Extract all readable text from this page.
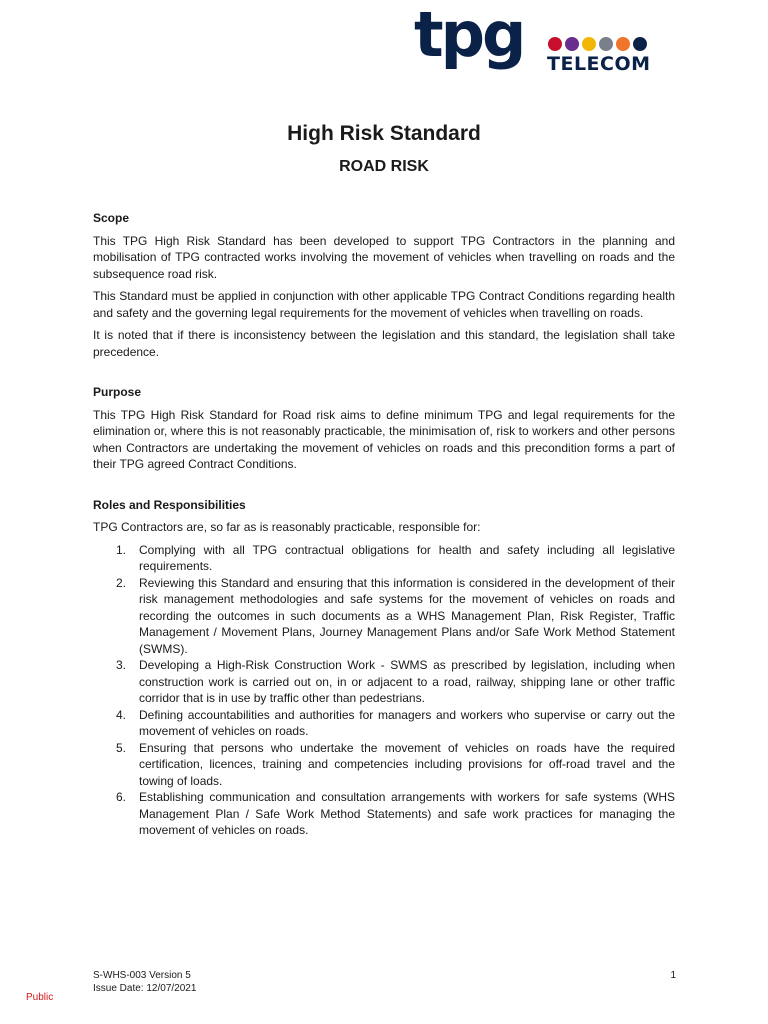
tpg TELECOM
High Risk Standard
ROAD RISK
Scope

This TPG High Risk Standard has been developed to support TPG Contractors in the planning and mobilisation of TPG contracted works involving the movement of vehicles when travelling on roads and the subsequence road risk.

This Standard must be applied in conjunction with other applicable TPG Contract Conditions regarding health and safety and the governing legal requirements for the movement of vehicles when travelling on roads.

It is noted that if there is inconsistency between the legislation and this standard, the legislation shall take precedence.

Purpose

This TPG High Risk Standard for Road risk aims to define minimum TPG and legal requirements for the elimination or, where this is not reasonably practicable, the minimisation of, risk to workers and other persons when Contractors are undertaking the movement of vehicles on roads and this precondition forms a part of their TPG agreed Contract Conditions.

Roles and Responsibilities

TPG Contractors are, so far as is reasonably practicable, responsible for:

1. Complying with all TPG contractual obligations for health and safety including all legislative requirements.
2. Reviewing this Standard and ensuring that this information is considered in the development of their risk management methodologies and safe systems for the movement of vehicles on roads and recording the outcomes in such documents as a WHS Management Plan, Risk Register, Traffic Management / Movement Plans, Journey Management Plans and/or Safe Work Method Statement (SWMS).
3. Developing a High-Risk Construction Work - SWMS as prescribed by legislation, including when construction work is carried out on, in or adjacent to a road, railway, shipping lane or other traffic corridor that is in use by traffic other than pedestrians.
4. Defining accountabilities and authorities for managers and workers who supervise or carry out the movement of vehicles on roads.
5. Ensuring that persons who undertake the movement of vehicles on roads have the required certification, licences, training and competencies including provisions for off-road travel and the towing of loads.
6. Establishing communication and consultation arrangements with workers for safe systems (WHS Management Plan / Safe Work Method Statements) and safe work practices for managing the movement of vehicles on roads.
S-WHS-003 Version 5
Issue Date: 12/07/2021
1
Public
